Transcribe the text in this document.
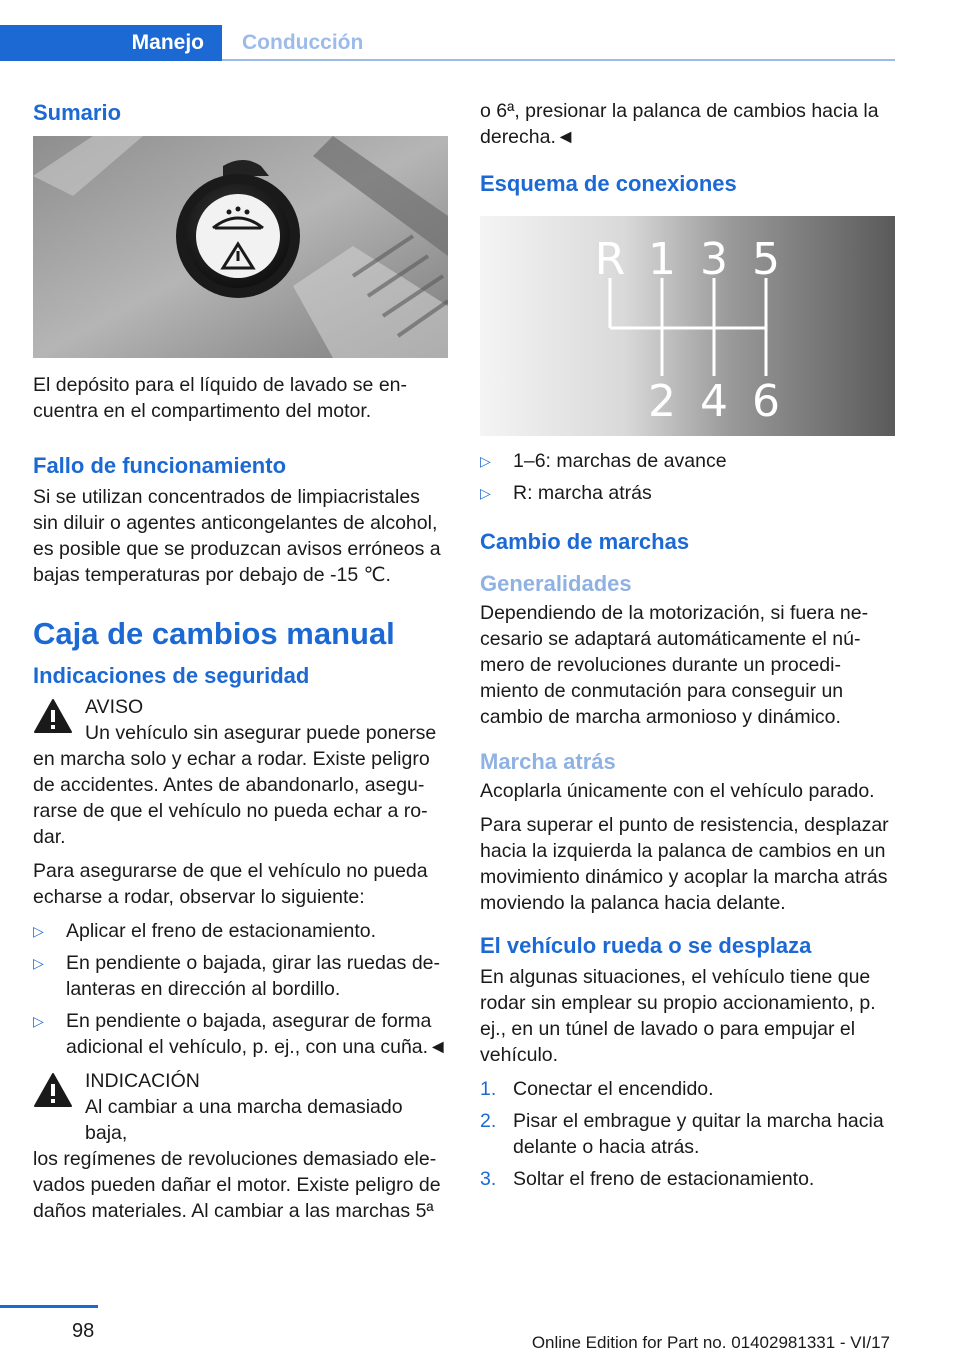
Manejo	Conducción
Sumario

El depósito para el líquido de lavado se en‐ cuentra en el compartimento del motor.

Fallo de funcionamiento

Si se utilizan concentrados de limpiacristales sin diluir o agentes anticongelantes de alcohol, es posible que se produzcan avisos erróneos a bajas temperaturas por debajo de -15 ℃.

Caja de cambios manual
Indicaciones de seguridad
AVISO
Un vehículo sin asegurar puede ponerse

en marcha solo y echar a rodar. Existe peligro de accidentes. Antes de abandonarlo, asegu‐ rarse de que el vehículo no pueda echar a ro‐ dar.

Para asegurarse de que el vehículo no pueda echarse a rodar, observar lo siguiente:

▷	Aplicar el freno de estacionamiento.
▷	En pendiente o bajada, girar las ruedas de‐ lanteras en dirección al bordillo.
▷	En pendiente o bajada, asegurar de forma adicional el vehículo, p. ej., con una cuña.◄
INDICACIÓN
Al cambiar a una marcha demasiado baja,

los regímenes de revoluciones demasiado ele‐ vados pueden dañar el motor. Existe peligro de daños materiales. Al cambiar a las marchas 5ª

o 6ª, presionar la palanca de cambios hacia la derecha.◄

Esquema de conexiones
R 1 3 5
2 4 6
▷	1–6: marchas de avance
▷	R: marcha atrás
Cambio de marchas
Generalidades

Dependiendo de la motorización, si fuera ne‐ cesario se adaptará automáticamente el nú‐ mero de revoluciones durante un procedi‐ miento de conmutación para conseguir un cambio de marcha armonioso y dinámico.

Marcha atrás

Acoplarla únicamente con el vehículo parado.

Para superar el punto de resistencia, desplazar hacia la izquierda la palanca de cambios en un movimiento dinámico y acoplar la marcha atrás moviendo la palanca hacia delante.

El vehículo rueda o se desplaza

En algunas situaciones, el vehículo tiene que rodar sin emplear su propio accionamiento, p. ej., en un túnel de lavado o para empujar el vehículo.

1. Conectar el encendido.
2. Pisar el embrague y quitar la marcha hacia delante o hacia atrás.
3. Soltar el freno de estacionamiento.
98
Online Edition for Part no. 01402981331 - VI/17
